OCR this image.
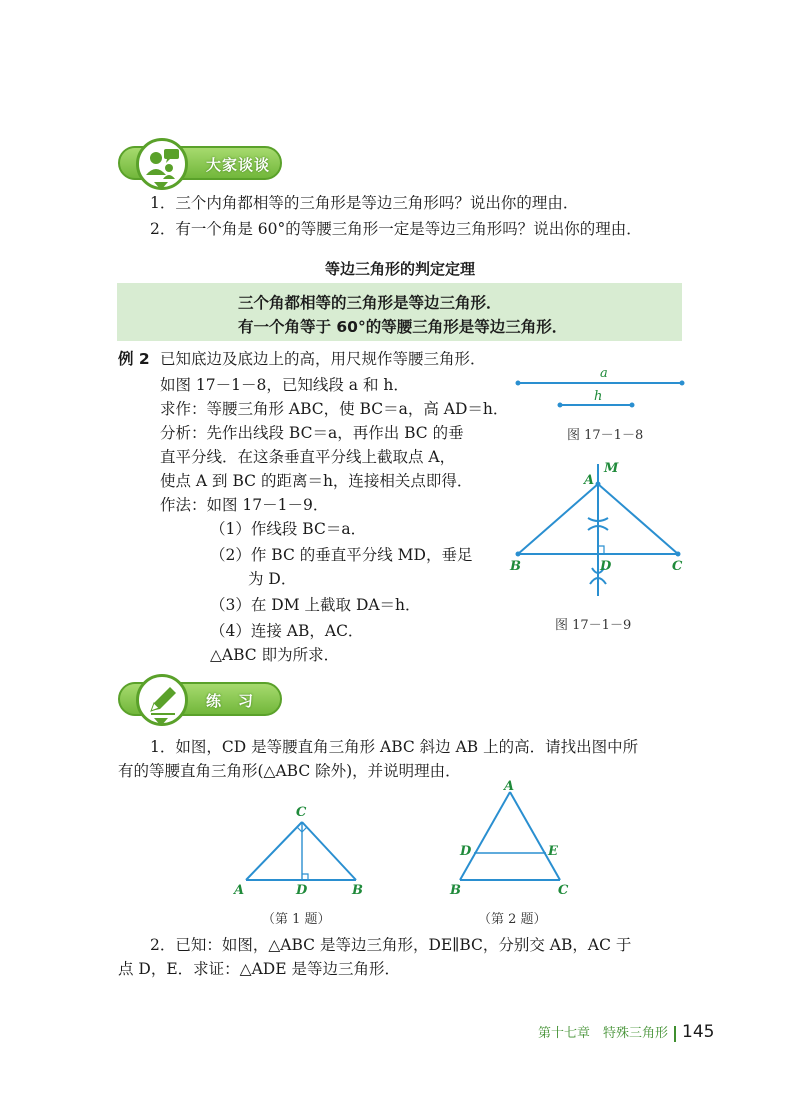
大家谈谈
1．三个内角都相等的三角形是等边三角形吗？说出你的理由．
2．有一个角是 60°的等腰三角形一定是等边三角形吗？说出你的理由．
等边三角形的判定定理
三个角都相等的三角形是等边三角形．
有一个角等于 60°的等腰三角形是等边三角形．
例 2 已知底边及底边上的高，用尺规作等腰三角形．
如图 17－1－8，已知线段 a 和 h．
求作：等腰三角形 ABC，使 BC＝a，高 AD＝h．
分析：先作出线段 BC＝a，再作出 BC 的垂
直平分线．在这条垂直平分线上截取点 A，
使点 A 到 BC 的距离＝h，连接相关点即得．
作法：如图 17－1－9．
（1）作线段 BC＝a．
（2）作 BC 的垂直平分线 MD，垂足
为 D．
（3）在 DM 上截取 DA＝h．
（4）连接 AB，AC．
△ABC 即为所求．
a
h
图 17－1－8
M
A
B	C
D
图 17－1－9
练　习
1．如图，CD 是等腰直角三角形 ABC 斜边 AB 上的高．请找出图中所
有的等腰直角三角形(△ABC 除外)，并说明理由．
C
A	D	B
（第 1 题）
A
D	E
B	C
（第 2 题）
2．已知：如图，△ABC 是等边三角形，DE∥BC，分别交 AB，AC 于
点 D，E．求证：△ADE 是等边三角形．
第十七章　特殊三角形 145
